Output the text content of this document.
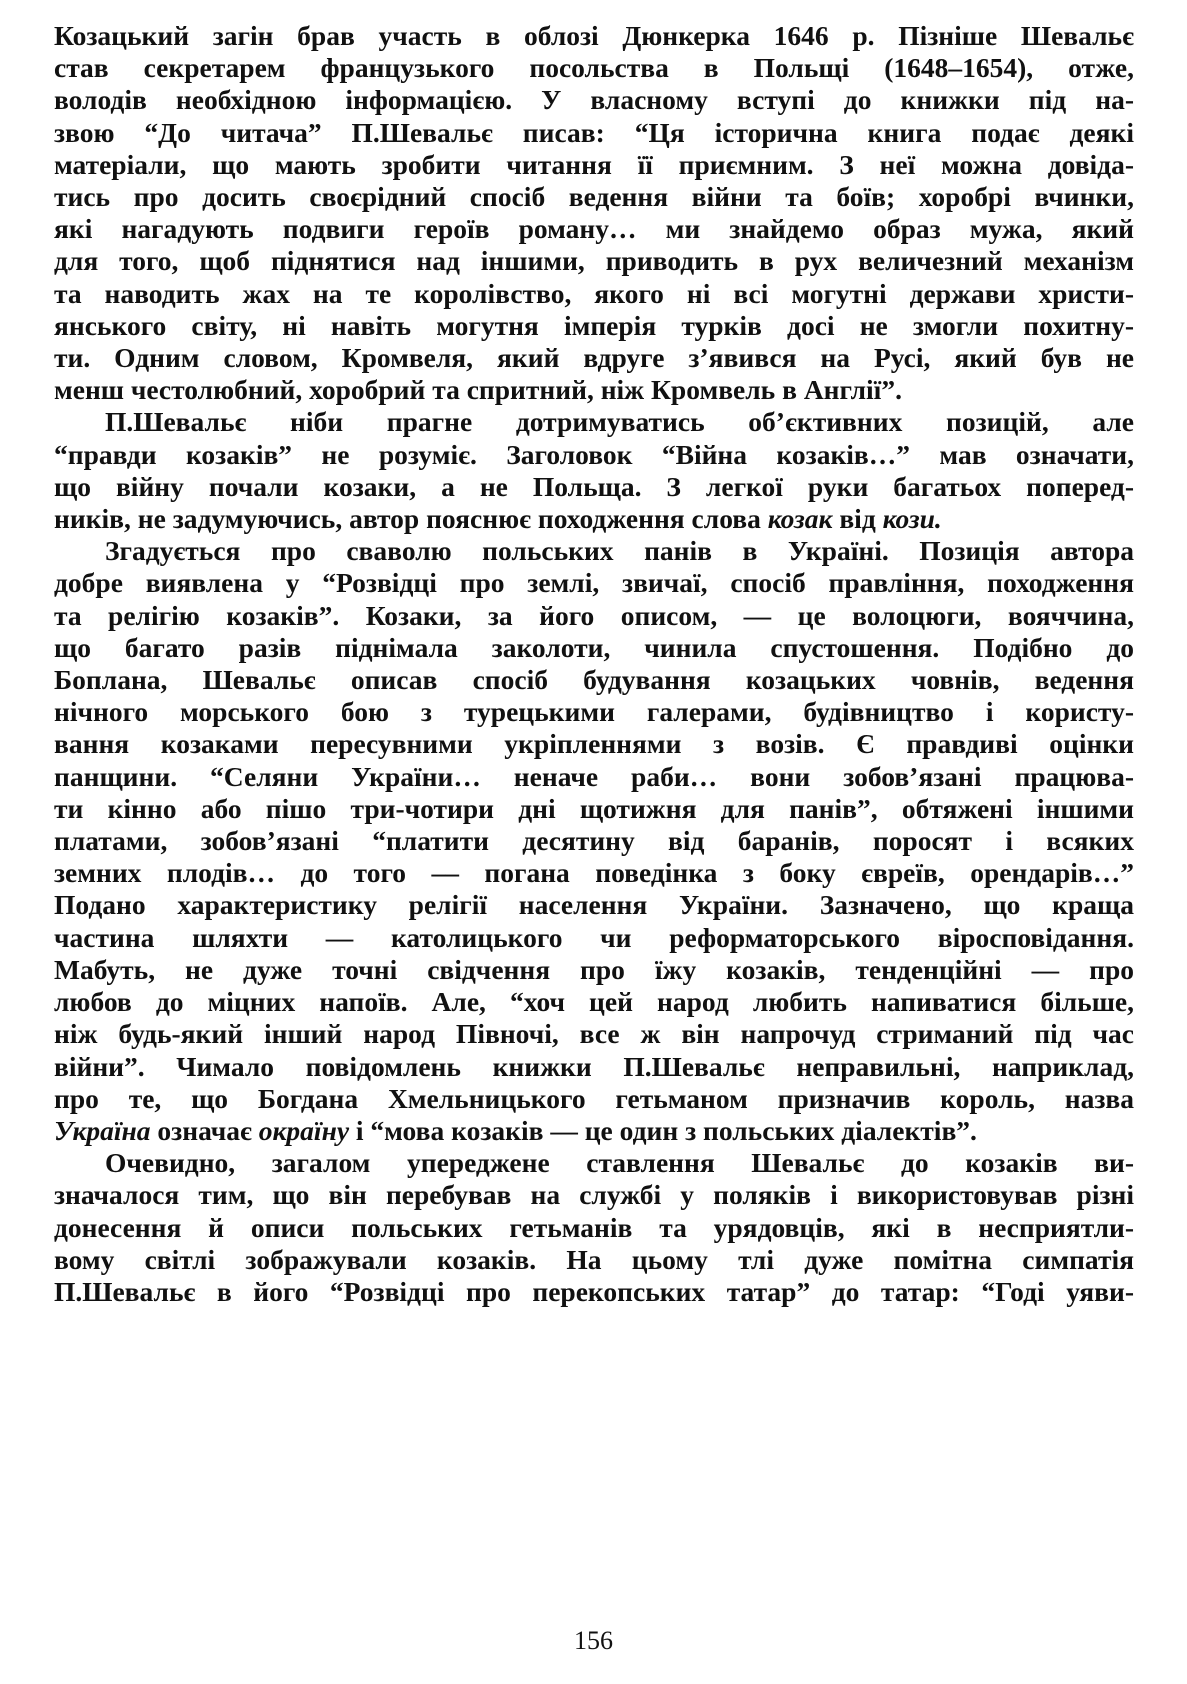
Козацький загін брав участь в облозі Дюнкерка 1646 р. Пізніше Шевальє
став секретарем французького посольства в Польщі (1648–1654), отже,
володів необхідною інформацією. У власному вступі до книжки під на-
звою “До читача” П.Шевальє писав: “Ця історична книга подає деякі
матеріали, що мають зробити читання її приємним. З неї можна довіда-
тись про досить своєрідний спосіб ведення війни та боїв; хоробрі вчинки,
які нагадують подвиги героїв роману… ми знайдемо образ мужа, який
для того, щоб піднятися над іншими, приводить в рух величезний механізм
та наводить жах на те королівство, якого ні всі могутні держави христи-
янського світу, ні навіть могутня імперія турків досі не змогли похитну-
ти. Одним словом, Кромвеля, який вдруге з’явився на Русі, який був не
менш честолюбний, хоробрий та спритний, ніж Кромвель в Англії”.
П.Шевальє ніби прагне дотримуватись об’єктивних позицій, але
“правди козаків” не розуміє. Заголовок “Війна козаків…” мав означати,
що війну почали козаки, а не Польща. З легкої руки багатьох поперед-
ників, не задумуючись, автор пояснює походження слова козак від кози.
Згадується про сваволю польських панів в Україні. Позиція автора
добре виявлена у “Розвідці про землі, звичаї, спосіб правління, походження
та релігію козаків”. Козаки, за його описом, — це волоцюги, вояччина,
що багато разів піднімала заколоти, чинила спустошення. Подібно до
Боплана, Шевальє описав спосіб будування козацьких човнів, ведення
нічного морського бою з турецькими галерами, будівництво і користу-
вання козаками пересувними укріпленнями з возів. Є правдиві оцінки
панщини. “Селяни України… неначе раби… вони зобов’язані працюва-
ти кінно або пішо три-чотири дні щотижня для панів”, обтяжені іншими
платами, зобов’язані “платити десятину від баранів, поросят і всяких
земних плодів… до того –– погана поведінка з боку євреїв, орендарів…”
Подано характеристику релігії населення України. Зазначено, що краща
частина шляхти — католицького чи реформаторського віросповідання.
Мабуть, не дуже точні свідчення про їжу козаків, тенденційні — про
любов до міцних напоїв. Але, “хоч цей народ любить напиватися більше,
ніж будь-який інший народ Півночі, все ж він напрочуд стриманий під час
війни”. Чимало повідомлень книжки П.Шевальє неправильні, наприклад,
про те, що Богдана Хмельницького гетьманом призначив король, назва
Україна означає окраїну і “мова козаків — це один з польських діалектів”.
Очевидно, загалом упереджене ставлення Шевальє до козаків ви-
значалося тим, що він перебував на службі у поляків і використовував різні
донесення й описи польських гетьманів та урядовців, які в несприятли-
вому світлі зображували козаків. На цьому тлі дуже помітна симпатія
П.Шевальє в його “Розвідці про перекопських татар” до татар: “Годі уяви-
156
